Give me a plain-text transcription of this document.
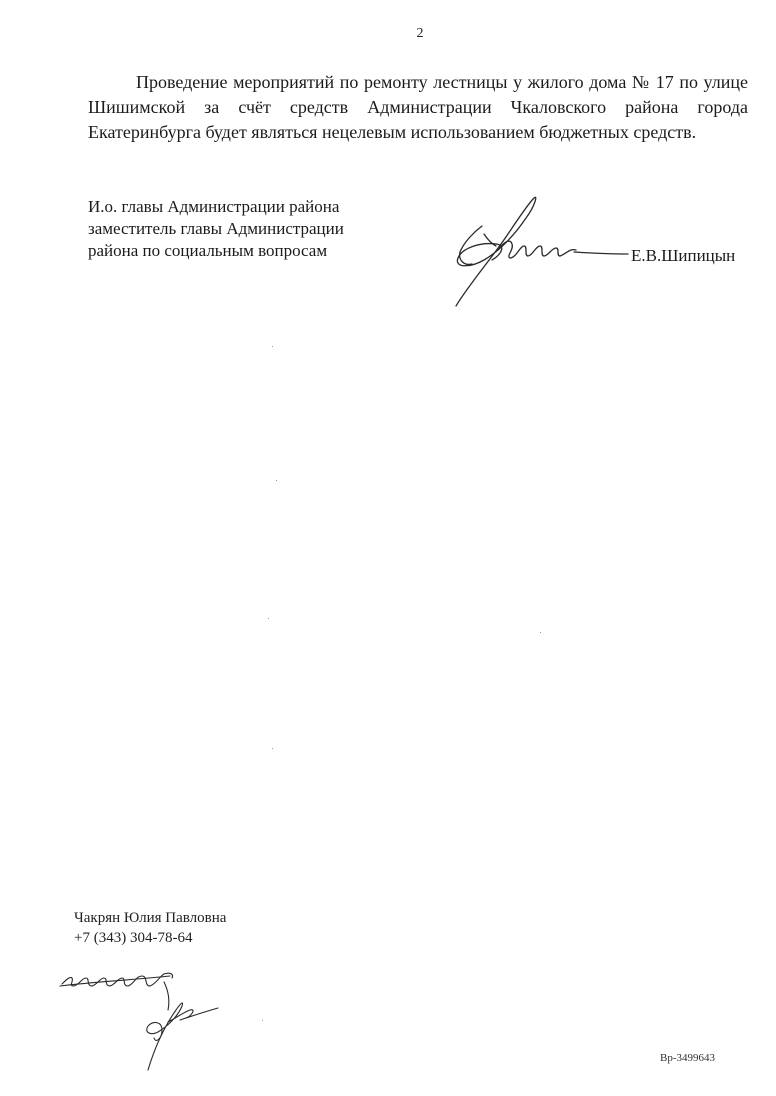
2

Проведение мероприятий по ремонту лестницы у жилого дома № 17 по улице Шишимской за счёт средств Администрации Чкаловского района города Екатеринбурга будет являться нецелевым использованием бюджетных средств.

И.о. главы Администрации района
заместитель главы Администрации
района по социальным вопросам	Е.В.Шипицын
Чакрян Юлия Павловна
+7 (343) 304-78-64
Вр-3499643
